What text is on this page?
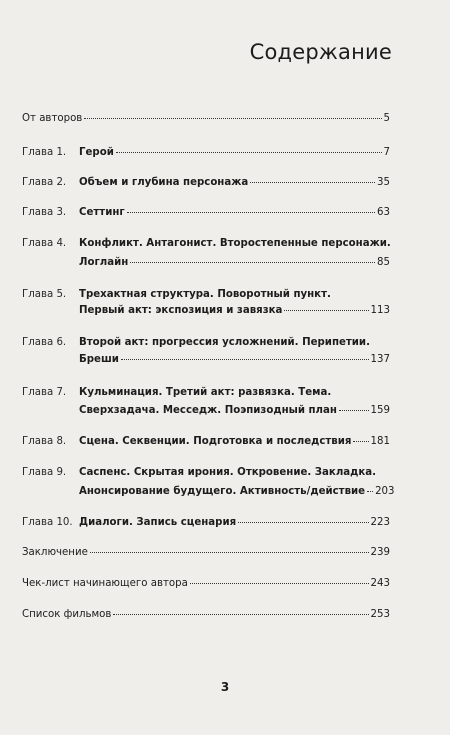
Содержание
От авторов	5
Глава 1.	Герой	7
Глава 2.	Объем и глубина персонажа	35
Глава 3.	Сеттинг	63
Глава 4.	Конфликт. Антагонист. Второстепенные персонажи.
Логлайн	85
Глава 5.	Трехактная структура. Поворотный пункт.
Первый акт: экспозиция и завязка	113
Глава 6.	Второй акт: прогрессия усложнений. Перипетии.
Бреши	137
Глава 7.	Кульминация. Третий акт: развязка. Тема.
Сверхзадача. Месседж. Поэпизодный план	159
Глава 8.	Сцена. Секвенции. Подготовка и последствия 181
Глава 9.	Саспенс. Скрытая ирония. Откровение. Закладка.
Анонсирование будущего. Активность/действие 203
Глава 10. Диалоги. Запись сценария	223
Заключение	239
Чек-лист начинающего автора	243
Список фильмов	253
3
